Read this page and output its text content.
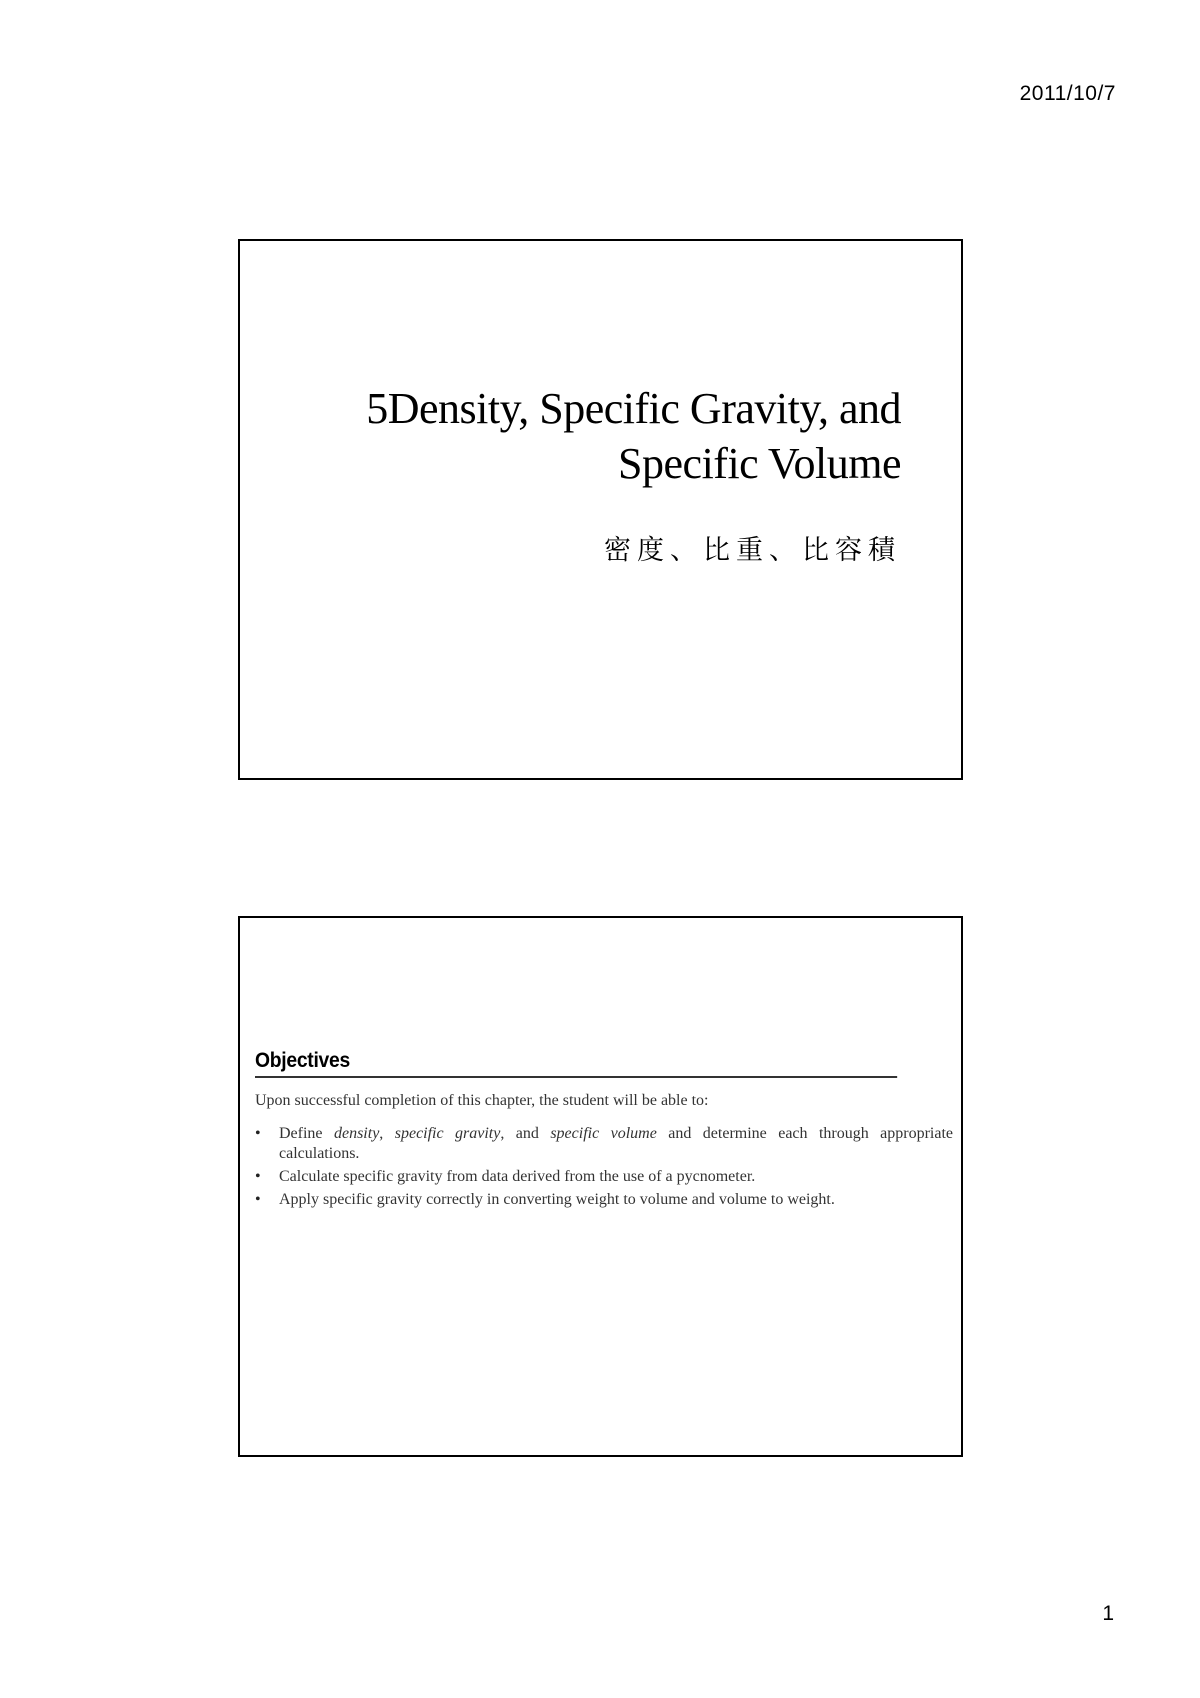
2011/10/7
5Density, Specific Gravity, and
Specific Volume
密度、比重、比容積
Objectives
Upon successful completion of this chapter, the student will be able to:
• Define density, specific gravity, and specific volume and determine each through appropriate calculations.
• Calculate specific gravity from data derived from the use of a pycnometer.
• Apply specific gravity correctly in converting weight to volume and volume to weight.
1
